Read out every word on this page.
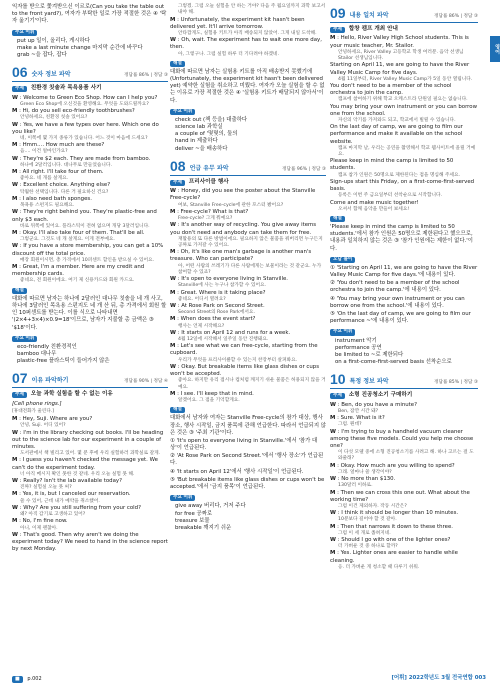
익자를 받으로 쫓겨받으신 이르로(Can you take the table out to the front yard?), 여자가 부탁한 일로 가장 적절한 것은 ④ '탁자 옮기기'이다.

주요 어휘

put up 일이, 올리다, 게시하다

make a last minute change 마지막 순간에 바꾸다

grab ~을 잡다, 잡다

06 숫자 정보 파악	정답률 86% | 정답 ③
주제	친환경 칫솔과 목욕용품 사기
W : Welcome to Green Eco Shop. How can I help you?
Green Eco Shop에 오신것을 환영해요. 무엇을 도와드릴까요?
M : Hi, do you sell eco-friendly toothbrushes?
안녕하세요, 친환경 칫솔 있어요?
W : Yes, we have a few types over here. Which one do you like?
네, 이쪽에 몇 가지 종류가 있습니다. 어느 것이 마음에 드세요?
M : Hmm.... How much are these?
음.... 이건 얼마인가요?
W : They're $2 each. They are made from bamboo.
하나에 2달러입니다. 대나무로 만들었습니다.
M : All right. I'll take four of them.
좋아요. 네 개를 살게요.
W : Excellent choice. Anything else?
탁월한 선택입니다. 다른 거 필요하신 건요?
M : I also need bath sponges.
목욕용 스펀지도 필요해요.
W : They're right behind you. They're plastic-free and only $3 each.
바로 뒤쪽에 있어요. 플라스틱이 전혀 없으며 개당 3달러입니다.
M : Okay. I'll also take four of them. That'll be all.
그렇군요. 그것도 네 개 살게요. 이게 전부예요.
W : If you have a store membership, you can get a 10% discount off the total price.
매장 회원이시면, 총 가격에서 10퍼센트 할인을 받으실 수 있어요.
M : Great, I'm a member. Here are my credit and membership cards.
좋네요, 전 회원이에요. 여기 제 신용카드와 회원 카드요.
해설

대화에 따르면 남자는 하나에 2달러인 대나무 칫솔을 네 개 사고, 하나에 3달러인 목욕용 스펀지도 네 개 산 뒤, 총 가격에서 회원 할인 10퍼센트를 받는다. 이를 식으로 나타내면 '(2×4+3×4)×0.9=18'이므로, 남자가 지불할 총 금액은 ③ '$18'이다.

주요 어휘

eco-friendly 친환경적인

bamboo 대나무

plastic-free 플라스틱이 들어가지 않은

07 이유 파악하기	정답률 90% | 정답 ④
주제	오늘 과학 실험을 할 수 없는 이유

[Cell phone rings.]

[휴대전화가 울린다.]

M : Hey, Suji. Where are you?
안녕, Suji. 어디 있어?
W : I'm in the library checking out books. I'll be heading out to the science lab for our experiment in a couple of minutes.
도서관에서 책 빌리고 있어. 몇 분 후에 우리 실험하러 과학실로 갈게.
M : I guess you haven't checked the message yet. We can't do the experiment today.
너 아직 메시지 확인 못한 것 같네. 우리 오늘 실험 못 해.
W : Really? Isn't the lab available today?
진짜? 실험실 오늘 못 써?
M : Yes, it is, but I canceled our reservation.
쓸 수 있어, 근데 내가 예약을 취소했어.
W : Why? Are you still suffering from your cold?
왜? 아직 감기로 고생하고 있어?
M : No, I'm fine now.
아니, 이제 괜찮아.
W : That's good. Then why aren't we doing the experiment today? We need to hand in the science report by next Monday.
■ p.002
그렇겠. 그럼 오늘 실험을 안 하는 거야? 다음 주 월요일까지 과학 보고서 내야 해.
M : Unfortunately, the experiment kit hasn't been delivered yet. It'll arrive tomorrow.
안타깝게도, 실험용 키트가 아직 배송되지 않았어. 그게 내일 도착해.
W : Oh, wait. The experiment has to wait one more day, then.
아, 그렇구나. 그럼 실험 하루 더 기다려야 하겠네.
해설

대화에 따르면 남자는 실험용 키트를 아직 배송받지 못했기에 (Unfortunately, the experiment kit hasn't been delivered yet) 예약한 실험을 취소하고 미뤘다. 여자가 오늘 실험을 할 수 없는 이유로 가장 적절한 것은 ④ '실험용 키트가 배달되지 않아서'이다.

주요 어휘

check out (책 등을) 대출하다

science lab 과학실

a couple of '몇몇의, 둘의

hand in 제출하다

deliver ~을 배송하다

08 언급 유무 파악	정답률 96% | 정답 ③
주제	프리사이클 행사
W : Honey, did you see the poster about the Stanville Free-cycle?
여보, Stanville Free-cycle에 관한 포스터 봤어요?
M : Free-cycle? What is that?
Free-cycle? 그게 뭐예요?
W : It's another way of recycling. You give away items you don't need and anybody can take them for free.
재활용의 또 다른 방법이에요. 필요하지 않은 물품을 줘버리면 누구든지 공짜로 가져갈 수 있어요.
M : Oh, it's like one man's garbage is another man's treasure. Who can participate?
아, 어떤 사람의 쓰레기가 다른 사람에게는 보물이라는 것 같군요. 누가 참여할 수 있죠?
W : It's open to everyone living in Stanville.
Stanville에 사는 누구나 참가할 수 있어요.
M : Great. Where is it taking place?
좋네요. 어디서 열려요?
W : At Rose Park on Second Street.
Second Street의 Rose Park에서요.
M : When does the event start?
행사는 언제 시작해요?
W : It starts on April 12 and runs for a week.
4월 12일에 시작해서 일주일 동안 진행돼요.
M : Let's see what we can free-cycle, starting from the cupboard.
우리가 무엇을 프리사이클할 수 있는지 찬장부터 살펴봐요.
W : Okay. But breakable items like glass dishes or cups won't be accepted.
좋아요. 하지만 유리 접시나 컵처럼 깨지기 쉬운 물품은 허용되지 않을 거예요.
M : I see. I'll keep that in mind.
알겠어요. 그 점을 기억할게요.
해설

대화에서 남자와 여자는 Stanville Free-cycle의 참가 대상, 행사 장소, 행사 시작일, 금지 품목에 관해 언급한다. 따라서 언급되지 않은 것은 ③ '주최 기관'이다.

① 'It's open to everyone living in Stanville.'에서 '참가 대상'이 언급된다.

② 'At Rose Park on Second Street.'에서 '행사 장소'가 언급된다.

④ 'It starts on April 12'에서 '행사 시작일'이 언급된다.

⑤ 'But breakable items like glass dishes or cups won't be accepted.'에서 '금지 품목'이 언급된다.

주요 어휘

give away 버리다, 거저 주다

for free 공짜로

treasure 보물

breakable 깨지기 쉬운

09 내용 일치 파악	정답률 86% | 정답 ③
주제	합창 캠프 개최 안내
M : Hello, River Valley High School students. This is your music teacher, Mr. Stailor.
안녕하세요, River Valley 고등학교 학생 여러분. 음악 선생님 Stailor 선생님입니다.
Starting on April 11, we are going to have the River Valley Music Camp for five days.
4월 11일부터, River Valley Music Camp가 5일 동안 열립니다.
You don't need to be a member of the school orchestra to join the camp.
캠프에 참여하기 위해 학교 오케스트라 단원일 필요는 없습니다.
You may bring your own instrument or you can borrow one from the school.
자신의 악기를 가져와도 되고, 학교에서 빌릴 수 있습니다.
On the last day of camp, we are going to film our performance and make it available on the school website.
캠프 마지막 날, 우리는 공연을 촬영해서 학교 웹사이트에 올릴 거예요.
Please keep in mind the camp is limited to 50 students.
캠프 참가 인원은 50명으로 제한된다는 점을 명심해 주세요.
Sign-ups start this Friday, on a first-come-first-served basis.
등록은 이번 주 금요일부터 선착순으로 시작합니다.
Come and make music together!
오셔서 함께 음악을 만들어 보세요!
해설

'Please keep in mind the camp is limited to 50 students.'에서 참가 인원은 50명으로 제한된다고 했으므로, 내용과 일치하지 않는 것은 ③ '참가 인원에는 제한이 없다.'이다.

오답 풀이

① 'Starting on April 11, we are going to have the River Valley Music Camp for five days.'에 내용이 있다.

② 'You don't need to be a member of the school orchestra to join the camp.'에 내용이 있다.

④ 'You may bring your own instrument or you can borrow one from the school.'에 내용이 있다.

⑤ 'On the last day of camp, we are going to film our performance ~'에 내용이 있다.

주요 어휘

instrument 악기

performance 공연

be limited to ~로 제한되다

on a first-come-first-served basis 선착순으로

10 특정 정보 파악	정답률 85% | 정답 ③
주제	소형 진공청소기 구매하기
W : Ben, do you have a minute?
Ben, 잠깐 시간 돼?
M : Sure. What is it?
그럼. 뭔데?
W : I'm trying to buy a handheld vacuum cleaner among these five models. Could you help me choose one?
이 다섯 모델 중에 소형 진공청소기를 사려고 해. 하나 고르는 걸 도와줄래?
M : Okay. How much are you willing to spend?
그래. 얼마나 쓸 생각이야?
W : No more than $130.
130달러 이하로.
M : Then we can cross this one out. What about the working time?
그럼 이건 제외하자. 작동 시간은?
W : I think it should be longer than 10 minutes.
10분보다 길어야 할 것 같아.
M : Then that narrows it down to these three.
그럼 이 세 개로 좁혀지네.
W : Should I go with one of the lighter ones?
더 가벼운 것 중 하나로 할까?
M : Yes. Lighter ones are easier to handle while cleaning.
응. 더 가벼운 게 청소할 때 다루기 쉬워.
영어
[어휘] 2022학년도 3월 전국연합 003
